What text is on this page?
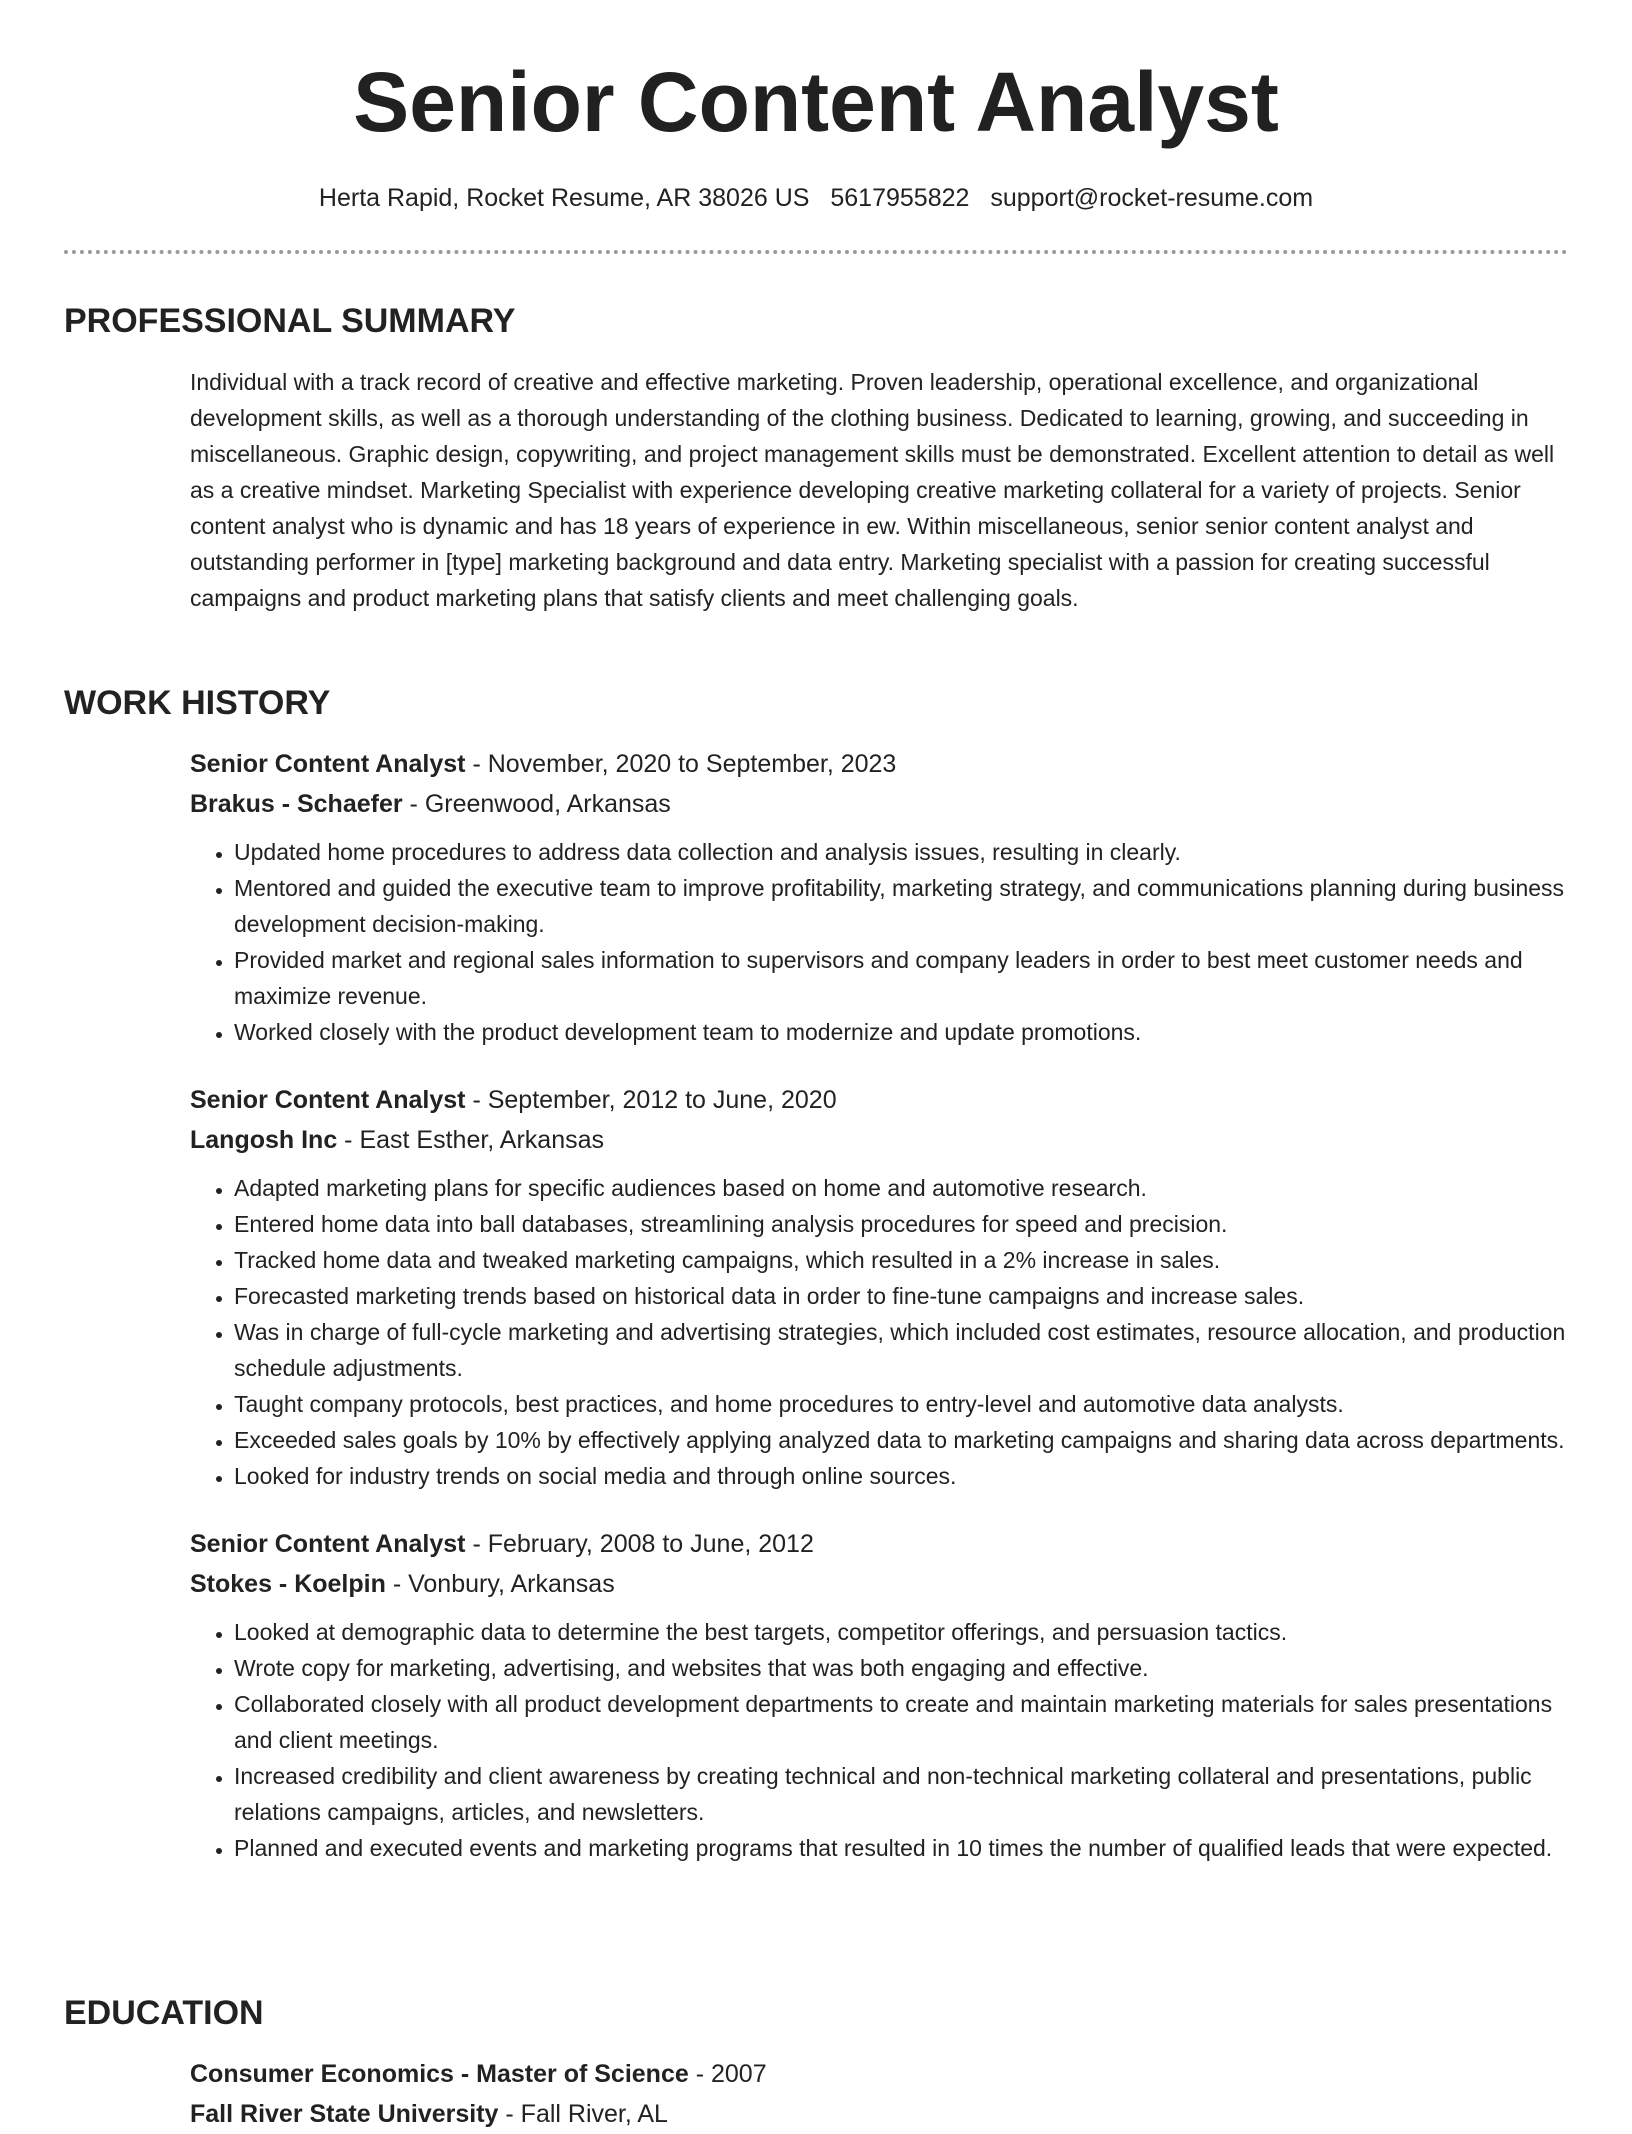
Senior Content Analyst
Herta Rapid, Rocket Resume, AR 38026 US 5617955822 support@rocket-resume.com
PROFESSIONAL SUMMARY

Individual with a track record of creative and effective marketing. Proven leadership, operational excellence, and organizational development skills, as well as a thorough understanding of the clothing business. Dedicated to learning, growing, and succeeding in miscellaneous. Graphic design, copywriting, and project management skills must be demonstrated. Excellent attention to detail as well as a creative mindset. Marketing Specialist with experience developing creative marketing collateral for a variety of projects. Senior content analyst who is dynamic and has 18 years of experience in ew. Within miscellaneous, senior senior content analyst and outstanding performer in [type] marketing background and data entry. Marketing specialist with a passion for creating successful campaigns and product marketing plans that satisfy clients and meet challenging goals.

WORK HISTORY
Senior Content Analyst - November, 2020 to September, 2023
Brakus - Schaefer - Greenwood, Arkansas
• Updated home procedures to address data collection and analysis issues, resulting in clearly.
• Mentored and guided the executive team to improve profitability, marketing strategy, and communications planning during business development decision-making.
• Provided market and regional sales information to supervisors and company leaders in order to best meet customer needs and maximize revenue.
• Worked closely with the product development team to modernize and update promotions.
Senior Content Analyst - September, 2012 to June, 2020
Langosh Inc - East Esther, Arkansas
• Adapted marketing plans for specific audiences based on home and automotive research.
• Entered home data into ball databases, streamlining analysis procedures for speed and precision.
• Tracked home data and tweaked marketing campaigns, which resulted in a 2% increase in sales.
• Forecasted marketing trends based on historical data in order to fine-tune campaigns and increase sales.
• Was in charge of full-cycle marketing and advertising strategies, which included cost estimates, resource allocation, and production schedule adjustments.
• Taught company protocols, best practices, and home procedures to entry-level and automotive data analysts.
• Exceeded sales goals by 10% by effectively applying analyzed data to marketing campaigns and sharing data across departments.
• Looked for industry trends on social media and through online sources.
Senior Content Analyst - February, 2008 to June, 2012
Stokes - Koelpin - Vonbury, Arkansas
• Looked at demographic data to determine the best targets, competitor offerings, and persuasion tactics.
• Wrote copy for marketing, advertising, and websites that was both engaging and effective.
• Collaborated closely with all product development departments to create and maintain marketing materials for sales presentations and client meetings.
• Increased credibility and client awareness by creating technical and non-technical marketing collateral and presentations, public relations campaigns, articles, and newsletters.
• Planned and executed events and marketing programs that resulted in 10 times the number of qualified leads that were expected.
EDUCATION
Consumer Economics - Master of Science - 2007
Fall River State University - Fall River, AL
